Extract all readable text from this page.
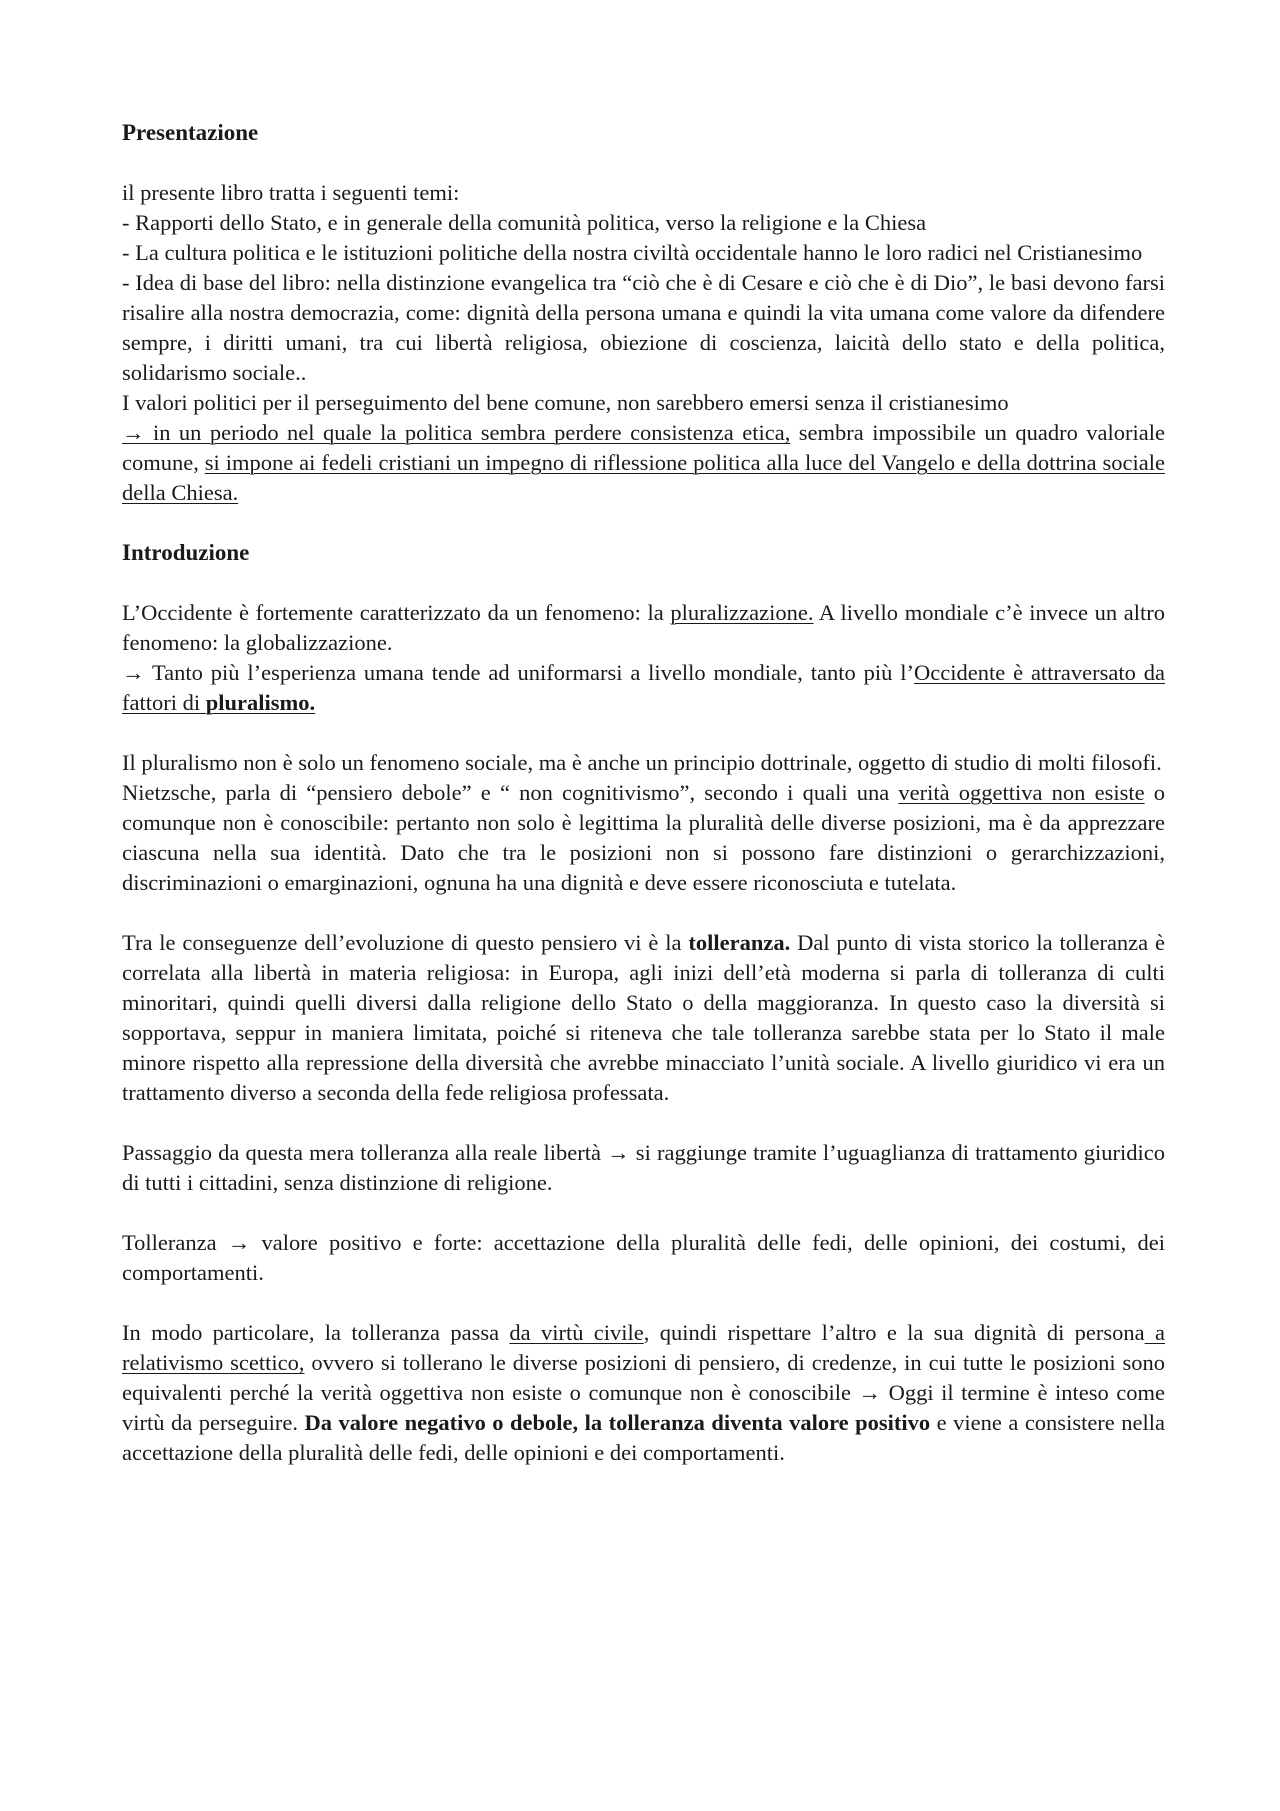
Presentazione

il presente libro tratta i seguenti temi:

- Rapporti dello Stato, e in generale della comunità politica, verso la religione e la Chiesa

- La cultura politica e le istituzioni politiche della nostra civiltà occidentale hanno le loro radici nel Cristianesimo

- Idea di base del libro: nella distinzione evangelica tra “ciò che è di Cesare e ciò che è di Dio”, le basi devono farsi risalire alla nostra democrazia, come: dignità della persona umana e quindi la vita umana come valore da difendere sempre, i diritti umani, tra cui libertà religiosa, obiezione di coscienza, laicità dello stato e della politica, solidarismo sociale..

I valori politici per il perseguimento del bene comune, non sarebbero emersi senza il cristianesimo

→ in un periodo nel quale la politica sembra perdere consistenza etica, sembra impossibile un quadro valoriale comune, si impone ai fedeli cristiani un impegno di riflessione politica alla luce del Vangelo e della dottrina sociale della Chiesa.

Introduzione

L’Occidente è fortemente caratterizzato da un fenomeno: la pluralizzazione. A livello mondiale c’è invece un altro fenomeno: la globalizzazione.

→ Tanto più l’esperienza umana tende ad uniformarsi a livello mondiale, tanto più l’Occidente è attraversato da fattori di pluralismo.

Il pluralismo non è solo un fenomeno sociale, ma è anche un principio dottrinale, oggetto di studio di molti filosofi.

Nietzsche, parla di “pensiero debole” e “ non cognitivismo”, secondo i quali una verità oggettiva non esiste o comunque non è conoscibile: pertanto non solo è legittima la pluralità delle diverse posizioni, ma è da apprezzare ciascuna nella sua identità. Dato che tra le posizioni non si possono fare distinzioni o gerarchizzazioni, discriminazioni o emarginazioni, ognuna ha una dignità e deve essere riconosciuta e tutelata.

Tra le conseguenze dell’evoluzione di questo pensiero vi è la tolleranza. Dal punto di vista storico la tolleranza è correlata alla libertà in materia religiosa: in Europa, agli inizi dell’età moderna si parla di tolleranza di culti minoritari, quindi quelli diversi dalla religione dello Stato o della maggioranza. In questo caso la diversità si sopportava, seppur in maniera limitata, poiché si riteneva che tale tolleranza sarebbe stata per lo Stato il male minore rispetto alla repressione della diversità che avrebbe minacciato l’unità sociale. A livello giuridico vi era un trattamento diverso a seconda della fede religiosa professata.

Passaggio da questa mera tolleranza alla reale libertà → si raggiunge tramite l’uguaglianza di trattamento giuridico di tutti i cittadini, senza distinzione di religione.

Tolleranza → valore positivo e forte: accettazione della pluralità delle fedi, delle opinioni, dei costumi, dei comportamenti.

In modo particolare, la tolleranza passa da virtù civile, quindi rispettare l’altro e la sua dignità di persona a relativismo scettico, ovvero si tollerano le diverse posizioni di pensiero, di credenze, in cui tutte le posizioni sono equivalenti perché la verità oggettiva non esiste o comunque non è conoscibile → Oggi il termine è inteso come virtù da perseguire. Da valore negativo o debole, la tolleranza diventa valore positivo e viene a consistere nella accettazione della pluralità delle fedi, delle opinioni e dei comportamenti.
